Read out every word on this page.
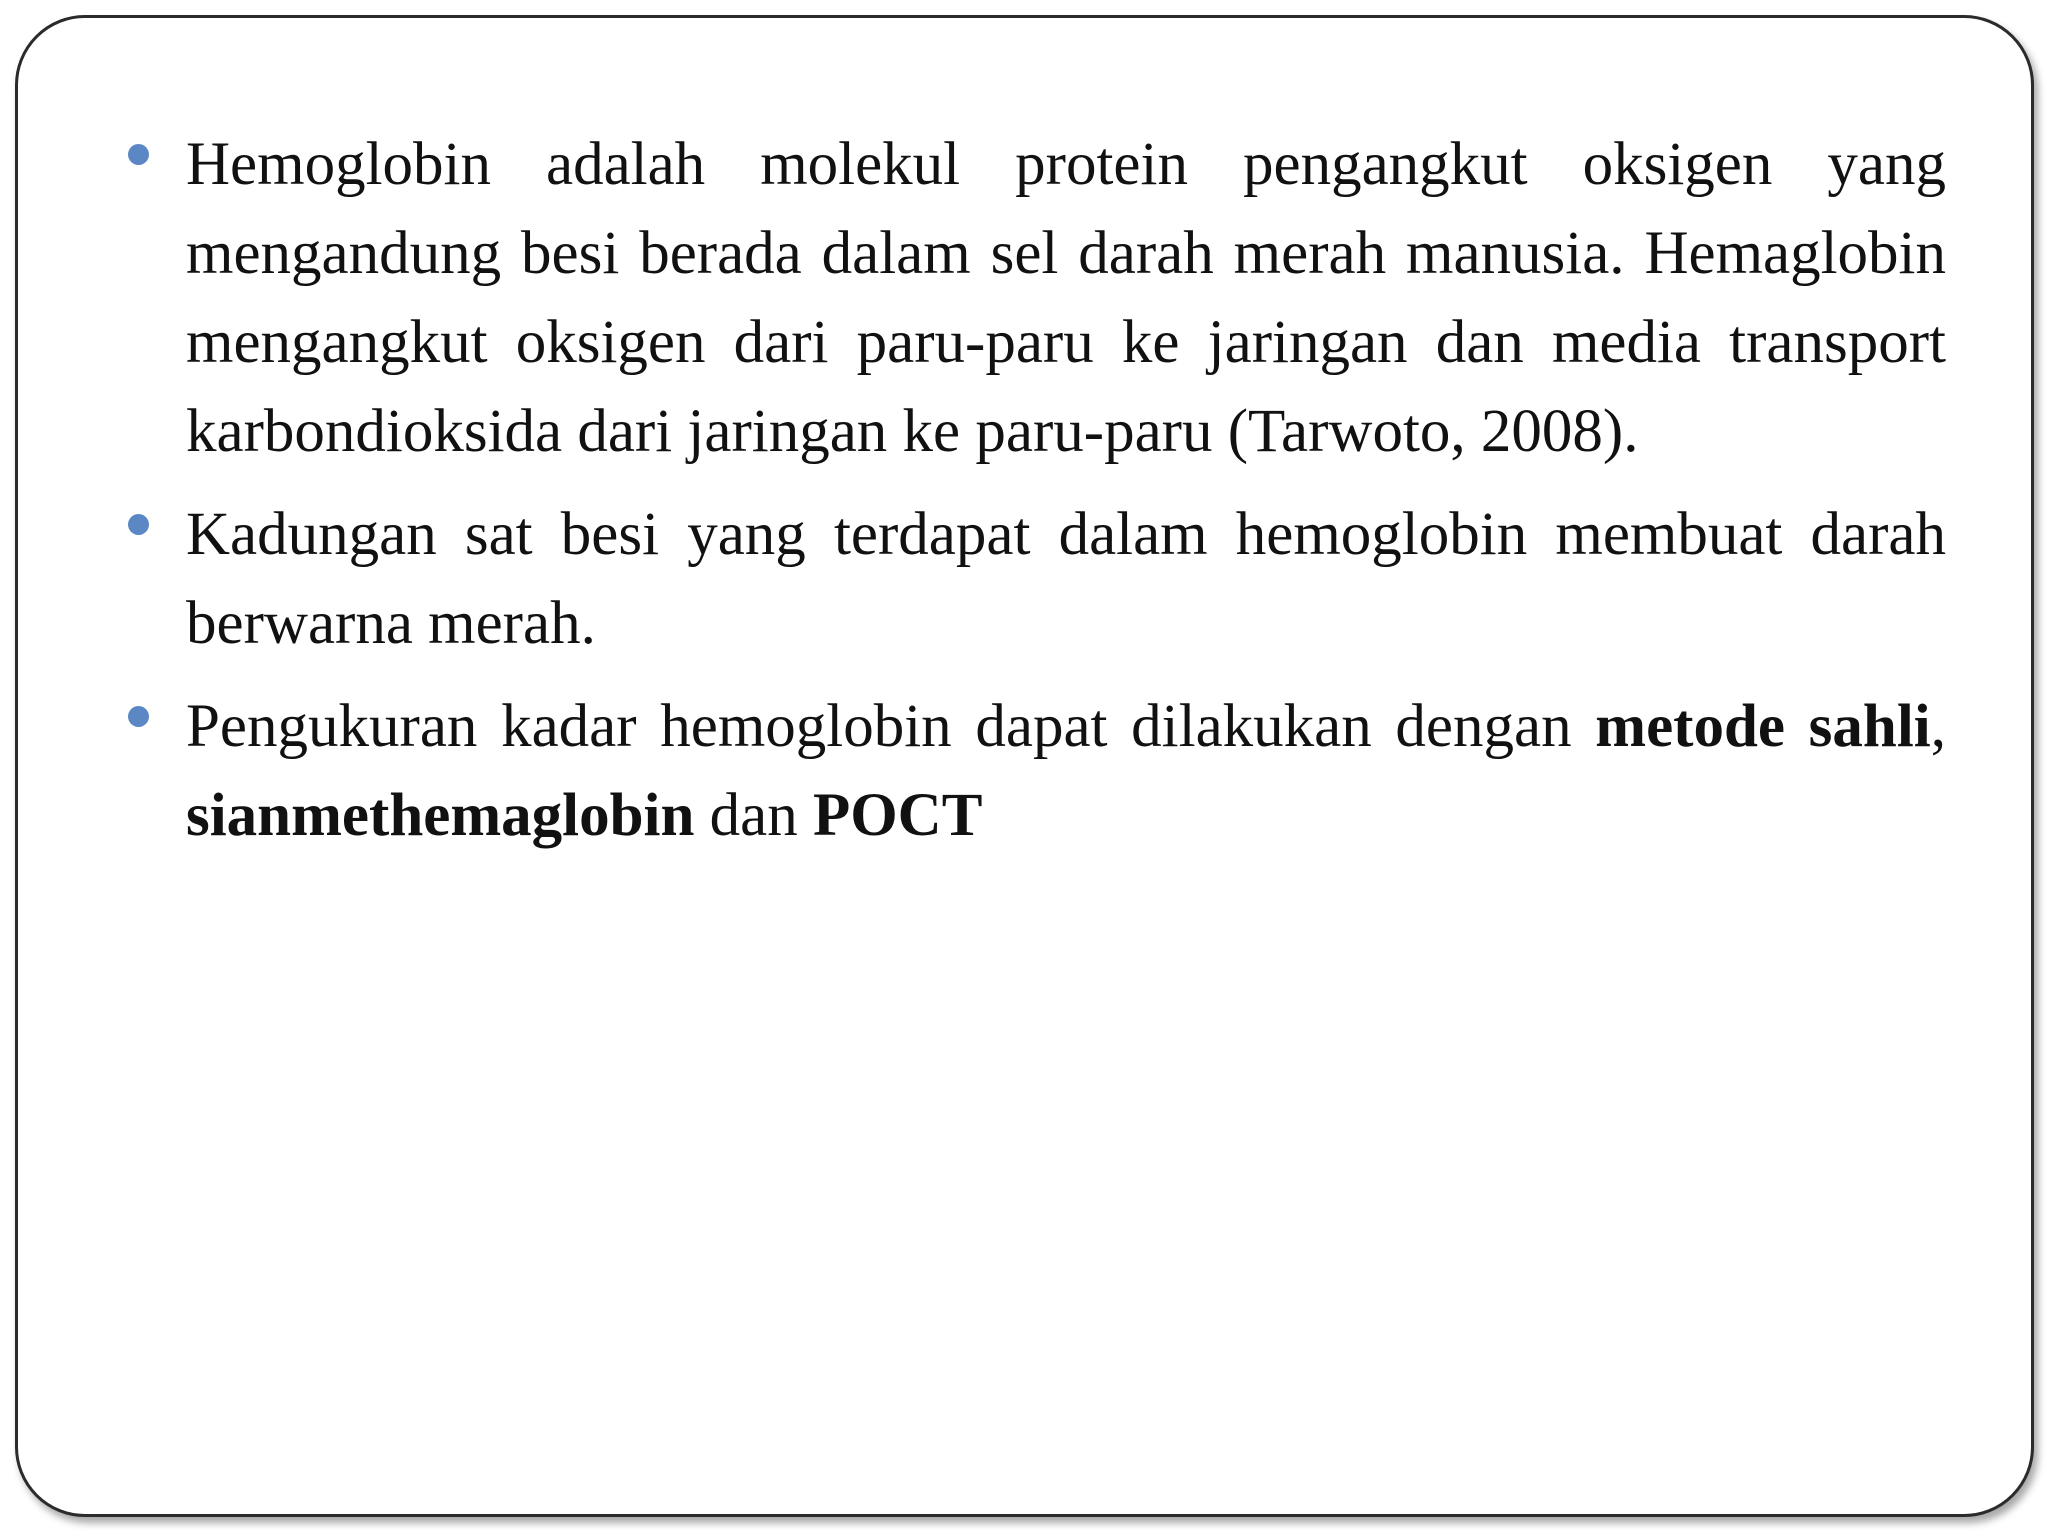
Hemoglobin adalah molekul protein pengangkut oksigen yang mengandung besi berada dalam sel darah merah manusia. Hemaglobin mengangkut oksigen dari paru-paru ke jaringan dan media transport karbondioksida dari jaringan ke paru-paru (Tarwoto, 2008).
Kadungan sat besi yang terdapat dalam hemoglobin membuat darah berwarna merah.
Pengukuran kadar hemoglobin dapat dilakukan dengan metode sahli, sianmethemaglobin dan POCT
